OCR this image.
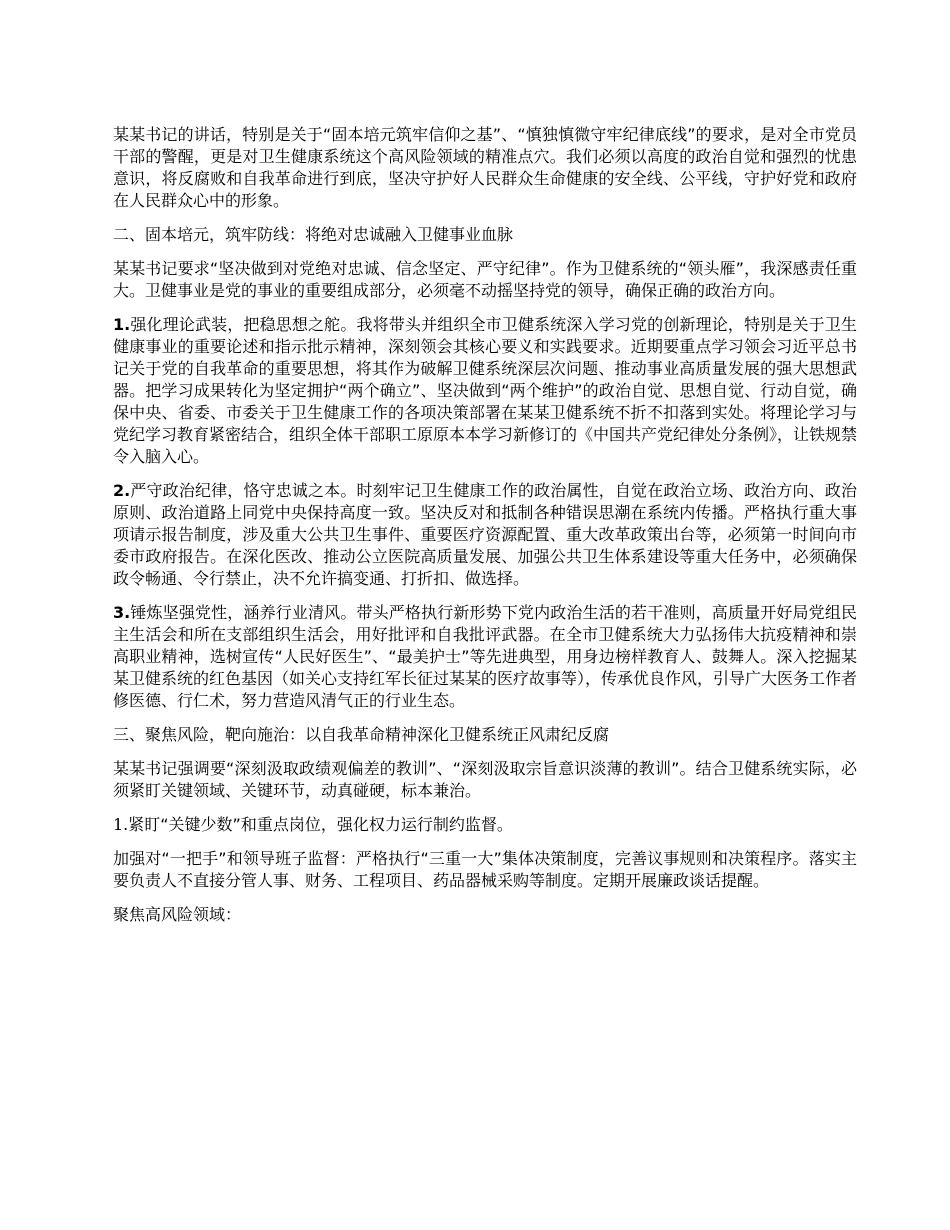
某某书记的讲话，特别是关于“固本培元筑牢信仰之基”、“慎独慎微守牢纪律底线”的要求，是对全市党员干部的警醒，更是对卫生健康系统这个高风险领域的精准点穴。我们必须以高度的政治自觉和强烈的忧患意识，将反腐败和自我革命进行到底，坚决守护好人民群众生命健康的安全线、公平线，守护好党和政府在人民群众心中的形象。

二、固本培元，筑牢防线：将绝对忠诚融入卫健事业血脉

某某书记要求“坚决做到对党绝对忠诚、信念坚定、严守纪律”。作为卫健系统的“领头雁”，我深感责任重大。卫健事业是党的事业的重要组成部分，必须毫不动摇坚持党的领导，确保正确的政治方向。

1.强化理论武装，把稳思想之舵。我将带头并组织全市卫健系统深入学习党的创新理论，特别是关于卫生健康事业的重要论述和指示批示精神，深刻领会其核心要义和实践要求。近期要重点学习领会习近平总书记关于党的自我革命的重要思想，将其作为破解卫健系统深层次问题、推动事业高质量发展的强大思想武器。把学习成果转化为坚定拥护“两个确立”、坚决做到“两个维护”的政治自觉、思想自觉、行动自觉，确保中央、省委、市委关于卫生健康工作的各项决策部署在某某卫健系统不折不扣落到实处。将理论学习与党纪学习教育紧密结合，组织全体干部职工原原本本学习新修订的《中国共产党纪律处分条例》，让铁规禁令入脑入心。

2.严守政治纪律，恪守忠诚之本。时刻牢记卫生健康工作的政治属性，自觉在政治立场、政治方向、政治原则、政治道路上同党中央保持高度一致。坚决反对和抵制各种错误思潮在系统内传播。严格执行重大事项请示报告制度，涉及重大公共卫生事件、重要医疗资源配置、重大改革政策出台等，必须第一时间向市委市政府报告。在深化医改、推动公立医院高质量发展、加强公共卫生体系建设等重大任务中，必须确保政令畅通、令行禁止，决不允许搞变通、打折扣、做选择。

3.锤炼坚强党性，涵养行业清风。带头严格执行新形势下党内政治生活的若干准则，高质量开好局党组民主生活会和所在支部组织生活会，用好批评和自我批评武器。在全市卫健系统大力弘扬伟大抗疫精神和崇高职业精神，选树宣传“人民好医生”、“最美护士”等先进典型，用身边榜样教育人、鼓舞人。深入挖掘某某卫健系统的红色基因（如关心支持红军长征过某某的医疗故事等），传承优良作风，引导广大医务工作者修医德、行仁术，努力营造风清气正的行业生态。

三、聚焦风险，靶向施治：以自我革命精神深化卫健系统正风肃纪反腐

某某书记强调要“深刻汲取政绩观偏差的教训”、“深刻汲取宗旨意识淡薄的教训”。结合卫健系统实际，必须紧盯关键领域、关键环节，动真碰硬，标本兼治。

1.紧盯“关键少数”和重点岗位，强化权力运行制约监督。

加强对“一把手”和领导班子监督：严格执行“三重一大”集体决策制度，完善议事规则和决策程序。落实主要负责人不直接分管人事、财务、工程项目、药品器械采购等制度。定期开展廉政谈话提醒。

聚焦高风险领域：
